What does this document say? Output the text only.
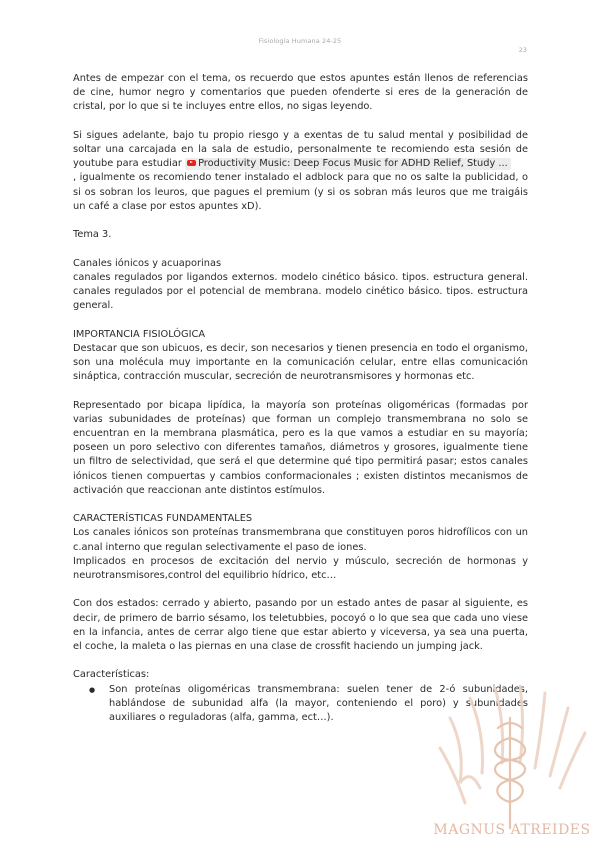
Fisiología Humana 24-25
23

Antes de empezar con el tema, os recuerdo que estos apuntes están llenos de referencias de cine, humor negro y comentarios que pueden ofenderte si eres de la generación de cristal, por lo que si te incluyes entre ellos, no sigas leyendo.

Si sigues adelante, bajo tu propio riesgo y a exentas de tu salud mental y posibilidad de soltar una carcajada en la sala de estudio, personalmente te recomiendo esta sesión de youtube para estudiar Productivity Music: Deep Focus Music for ADHD Relief, Study ...
, igualmente os recomiendo tener instalado el adblock para que no os salte la publicidad, o si os sobran los leuros, que pagues el premium (y si os sobran más leuros que me traigáis un café a clase por estos apuntes xD).

Tema 3.

Canales iónicos y acuaporinas

canales regulados por ligandos externos. modelo cinético básico. tipos. estructura general. canales regulados por el potencial de membrana. modelo cinético básico. tipos. estructura general.

IMPORTANCIA FISIOLÓGICA

Destacar que son ubicuos, es decir, son necesarios y tienen presencia en todo el organismo, son una molécula muy importante en la comunicación celular, entre ellas comunicación sináptica, contracción muscular, secreción de neurotransmisores y hormonas etc.

Representado por bicapa lipídica, la mayoría son proteínas oligoméricas (formadas por varias subunidades de proteínas) que forman un complejo transmembrana no solo se encuentran en la membrana plasmática, pero es la que vamos a estudiar en su mayoría; poseen un poro selectivo con diferentes tamaños, diámetros y grosores, igualmente tiene un filtro de selectividad, que será el que determine qué tipo permitirá pasar; estos canales iónicos tienen compuertas y cambios conformacionales ; existen distintos mecanismos de activación que reaccionan ante distintos estímulos.

CARACTERÍSTICAS FUNDAMENTALES

Los canales iónicos son proteínas transmembrana que constituyen poros hidrofílicos con un c.anal interno que regulan selectivamente el paso de iones.

Implicados en procesos de excitación del nervio y músculo, secreción de hormonas y neurotransmisores,control del equilibrio hídrico, etc…

Con dos estados: cerrado y abierto, pasando por un estado antes de pasar al siguiente, es decir, de primero de barrio sésamo, los teletubbies, pocoyó o lo que sea que cada uno viese en la infancia, antes de cerrar algo tiene que estar abierto y viceversa, ya sea una puerta, el coche, la maleta o las piernas en una clase de crossfit haciendo un jumping jack.

Características:

● Son proteínas oligoméricas transmembrana: suelen tener de 2-ó subunidades, hablándose de subunidad alfa (la mayor, conteniendo el poro) y subunidades auxiliares o reguladoras (alfa, gamma, ect…).
MAGNUS ATREIDES
